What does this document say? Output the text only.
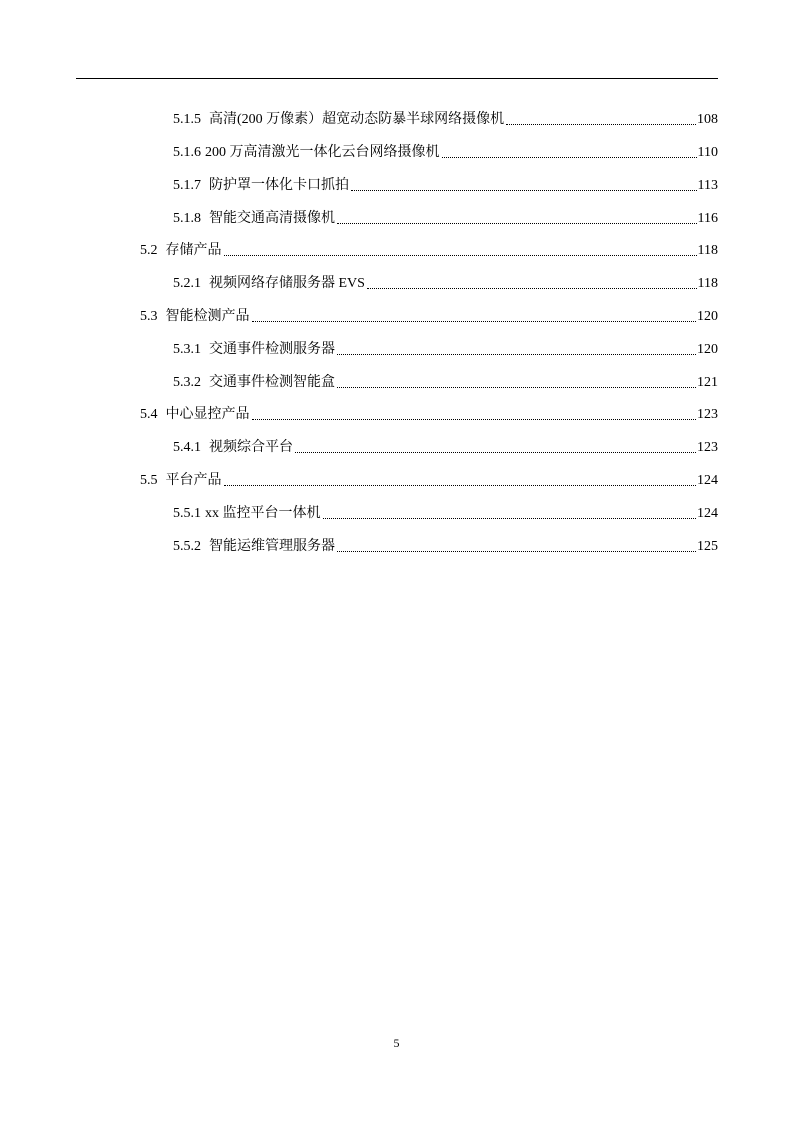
5.1.5 高清(200 万像素）超宽动态防暴半球网络摄像机	108
5.1.6 200 万高清激光一体化云台网络摄像机	110
5.1.7 防护罩一体化卡口抓拍	113
5.1.8 智能交通高清摄像机	116
5.2 存储产品	118
5.2.1 视频网络存储服务器 EVS	118
5.3 智能检测产品	120
5.3.1 交通事件检测服务器	120
5.3.2 交通事件检测智能盒	121
5.4 中心显控产品	123
5.4.1 视频综合平台	123
5.5 平台产品	124
5.5.1 xx 监控平台一体机	124
5.5.2 智能运维管理服务器	125
5
